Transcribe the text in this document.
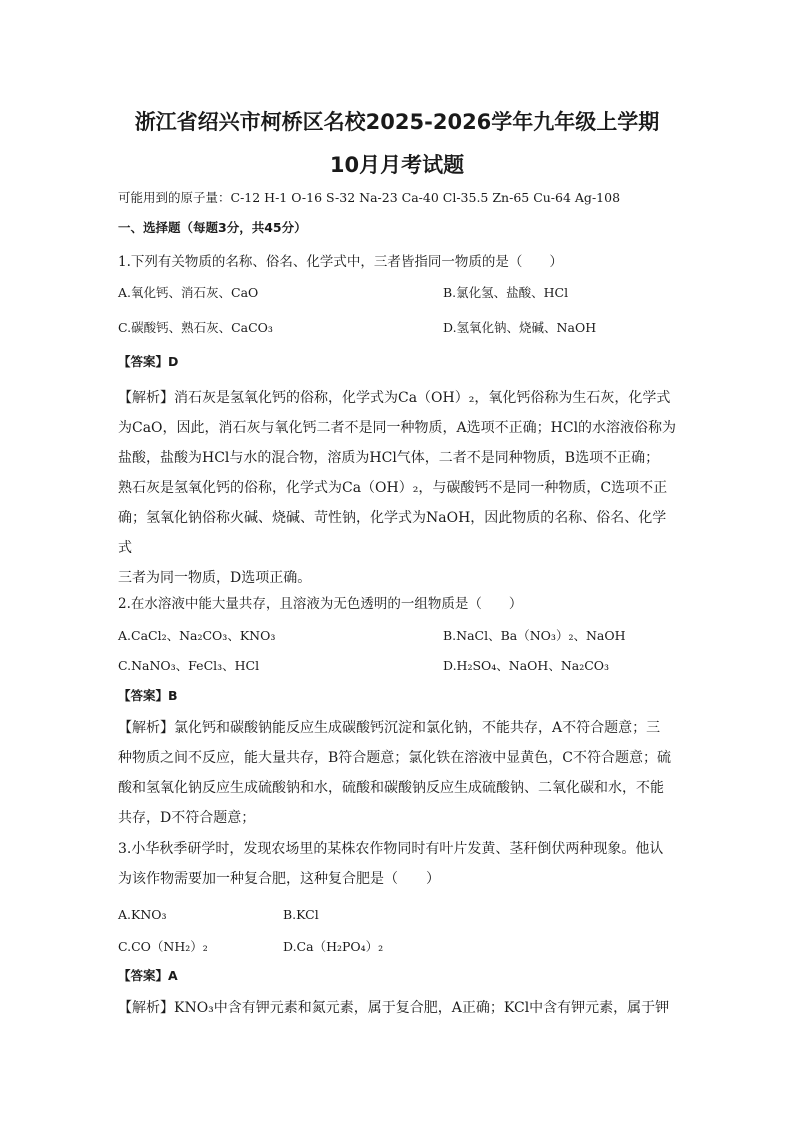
浙江省绍兴市柯桥区名校2025-2026学年九年级上学期
10月月考试题
可能用到的原子量：C-12 H-1 O-16 S-32 Na-23 Ca-40 Cl-35.5 Zn-65 Cu-64 Ag-108
一、选择题（每题3分，共45分）
1.下列有关物质的名称、俗名、化学式中，三者皆指同一物质的是（　　）
A.氧化钙、消石灰、CaO	B.氯化氢、盐酸、HCl
C.碳酸钙、熟石灰、CaCO₃	D.氢氧化钠、烧碱、NaOH
【答案】D
【解析】消石灰是氢氧化钙的俗称，化学式为Ca（OH）₂，氧化钙俗称为生石灰，化学式
为CaO，因此，消石灰与氧化钙二者不是同一种物质，A选项不正确；HCl的水溶液俗称为
盐酸，盐酸为HCl与水的混合物，溶质为HCl气体，二者不是同种物质，B选项不正确；
熟石灰是氢氧化钙的俗称，化学式为Ca（OH）₂，与碳酸钙不是同一种物质，C选项不正
确；氢氧化钠俗称火碱、烧碱、苛性钠，化学式为NaOH，因此物质的名称、俗名、化学式
三者为同一物质，D选项正确。
2.在水溶液中能大量共存，且溶液为无色透明的一组物质是（　　）
A.CaCl₂、Na₂CO₃、KNO₃	B.NaCl、Ba（NO₃）₂、NaOH
C.NaNO₃、FeCl₃、HCl	D.H₂SO₄、NaOH、Na₂CO₃
【答案】B
【解析】氯化钙和碳酸钠能反应生成碳酸钙沉淀和氯化钠，不能共存，A不符合题意；三
种物质之间不反应，能大量共存，B符合题意；氯化铁在溶液中显黄色，C不符合题意；硫
酸和氢氧化钠反应生成硫酸钠和水，硫酸和碳酸钠反应生成硫酸钠、二氧化碳和水，不能
共存，D不符合题意；
3.小华秋季研学时，发现农场里的某株农作物同时有叶片发黄、茎秆倒伏两种现象。他认
为该作物需要加一种复合肥，这种复合肥是（　　）
A.KNO₃	B.KCl
C.CO（NH₂）₂	D.Ca（H₂PO₄）₂
【答案】A
【解析】KNO₃中含有钾元素和氮元素，属于复合肥，A正确；KCl中含有钾元素，属于钾
